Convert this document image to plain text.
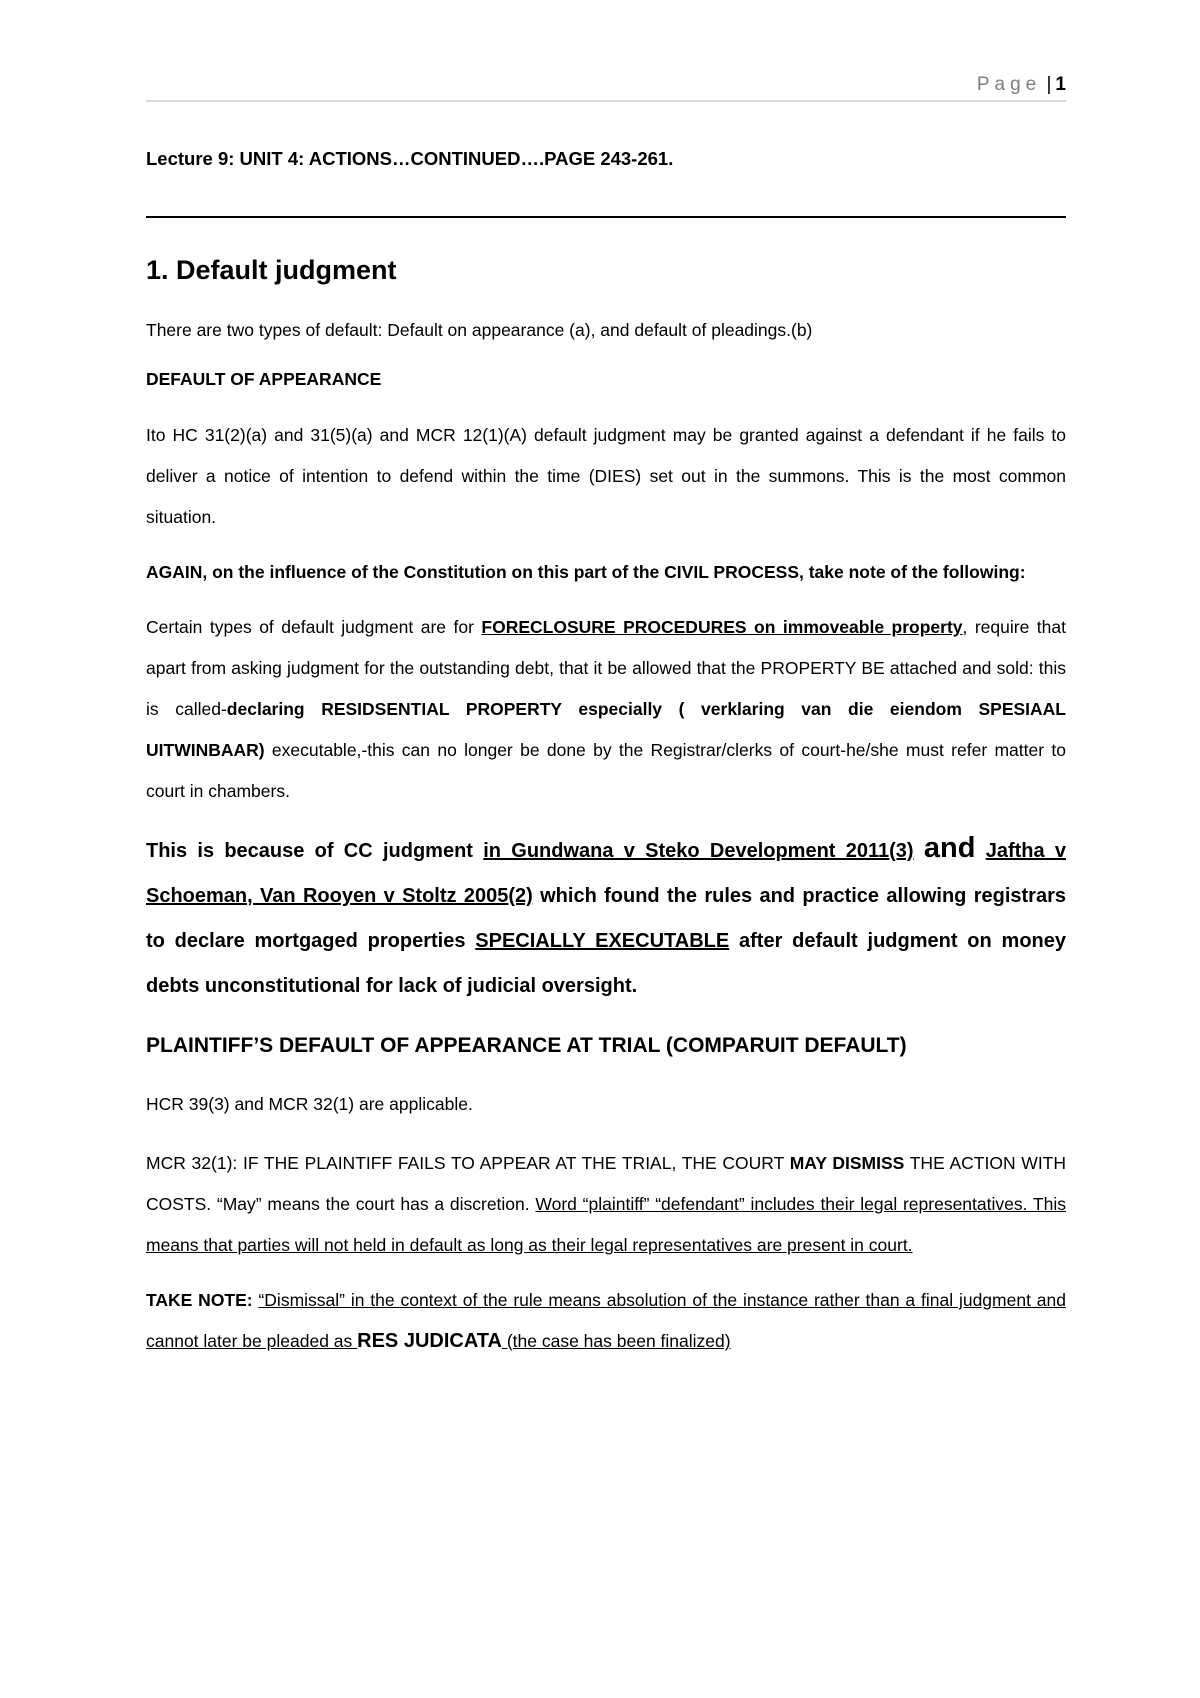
Page | 1

Lecture 9: UNIT 4: ACTIONS…CONTINUED….PAGE 243-261.

1. Default judgment

There are two types of default: Default on appearance (a), and default of pleadings.(b)

DEFAULT OF APPEARANCE

Ito HC 31(2)(a) and 31(5)(a) and MCR 12(1)(A) default judgment may be granted against a defendant if he fails to deliver a notice of intention to defend within the time (DIES) set out in the summons. This is the most common situation.

AGAIN, on the influence of the Constitution on this part of the CIVIL PROCESS, take note of the following:

Certain types of default judgment are for FORECLOSURE PROCEDURES on immoveable property, require that apart from asking judgment for the outstanding debt, that it be allowed that the PROPERTY BE attached and sold: this is called-declaring RESIDSENTIAL PROPERTY especially ( verklaring van die eiendom SPESIAAL UITWINBAAR) executable,-this can no longer be done by the Registrar/clerks of court-he/she must refer matter to court in chambers.

This is because of CC judgment in Gundwana v Steko Development 2011(3) and Jaftha v Schoeman, Van Rooyen v Stoltz 2005(2) which found the rules and practice allowing registrars to declare mortgaged properties SPECIALLY EXECUTABLE after default judgment on money debts unconstitutional for lack of judicial oversight.

PLAINTIFF’S DEFAULT OF APPEARANCE AT TRIAL (COMPARUIT DEFAULT)

HCR 39(3) and MCR 32(1) are applicable.

MCR 32(1): IF THE PLAINTIFF FAILS TO APPEAR AT THE TRIAL, THE COURT MAY DISMISS THE ACTION WITH COSTS. “May” means the court has a discretion. Word “plaintiff” “defendant” includes their legal representatives. This means that parties will not held in default as long as their legal representatives are present in court.

TAKE NOTE: “Dismissal” in the context of the rule means absolution of the instance rather than a final judgment and cannot later be pleaded as RES JUDICATA (the case has been finalized)
